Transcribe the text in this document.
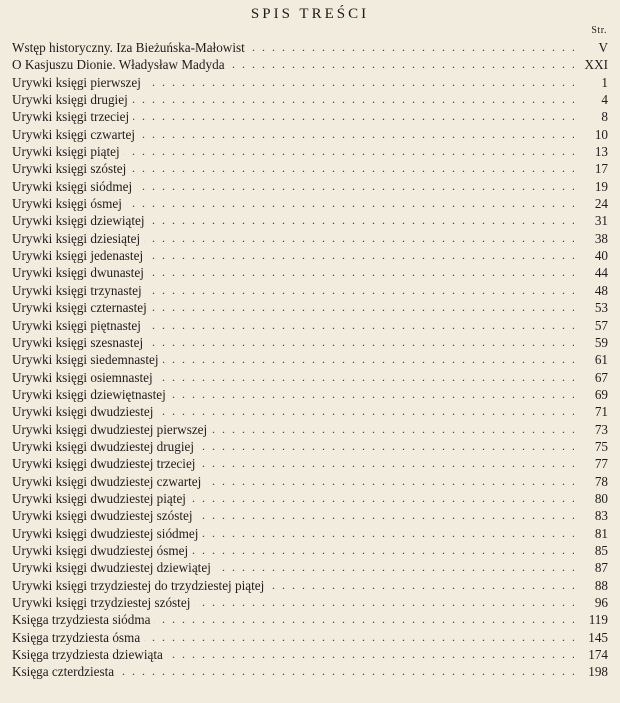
SPIS TREŚCI
Str.
. . .
Wstęp historyczny. Iza Bieżuńska-Małowist	V
. . .
O Kasjuszu Dionie. Władysław Madyda	XXI
. . .
Urywki księgi pierwszej	1
. . .
Urywki księgi drugiej	4
. . .
Urywki księgi trzeciej	8
. . .
Urywki księgi czwartej	10
. . .
Urywki księgi piątej	13
. . .
Urywki księgi szóstej	17
. . .
Urywki księgi siódmej	19
. . .
Urywki księgi ósmej	24
. . .
Urywki księgi dziewiątej	31
. . .
Urywki księgi dziesiątej	38
. . .
Urywki księgi jedenastej	40
. . .
Urywki księgi dwunastej	44
. . .
Urywki księgi trzynastej	48
. . .
Urywki księgi czternastej	53
. . .
Urywki księgi piętnastej	57
. . .
Urywki księgi szesnastej	59
. . .
Urywki księgi siedemnastej	61
. . .
Urywki księgi osiemnastej	67
. . .
Urywki księgi dziewiętnastej	69
. . .
Urywki księgi dwudziestej	71
. . .
Urywki księgi dwudziestej pierwszej	73
. . .
Urywki księgi dwudziestej drugiej	75
. . .
Urywki księgi dwudziestej trzeciej	77
. . .
Urywki księgi dwudziestej czwartej	78
. . .
Urywki księgi dwudziestej piątej	80
. . .
Urywki księgi dwudziestej szóstej	83
. . .
Urywki księgi dwudziestej siódmej	81
. . .
Urywki księgi dwudziestej ósmej	85
. . .
Urywki księgi dwudziestej dziewiątej	87
. . .
Urywki księgi trzydziestej do trzydziestej piątej	88
. . .
Urywki księgi trzydziestej szóstej	96
. . .
Księga trzydziesta siódma	119
. . .
Księga trzydziesta ósma	145
. . .
Księga trzydziesta dziewiąta	174
. . .
Księga czterdziesta	198
